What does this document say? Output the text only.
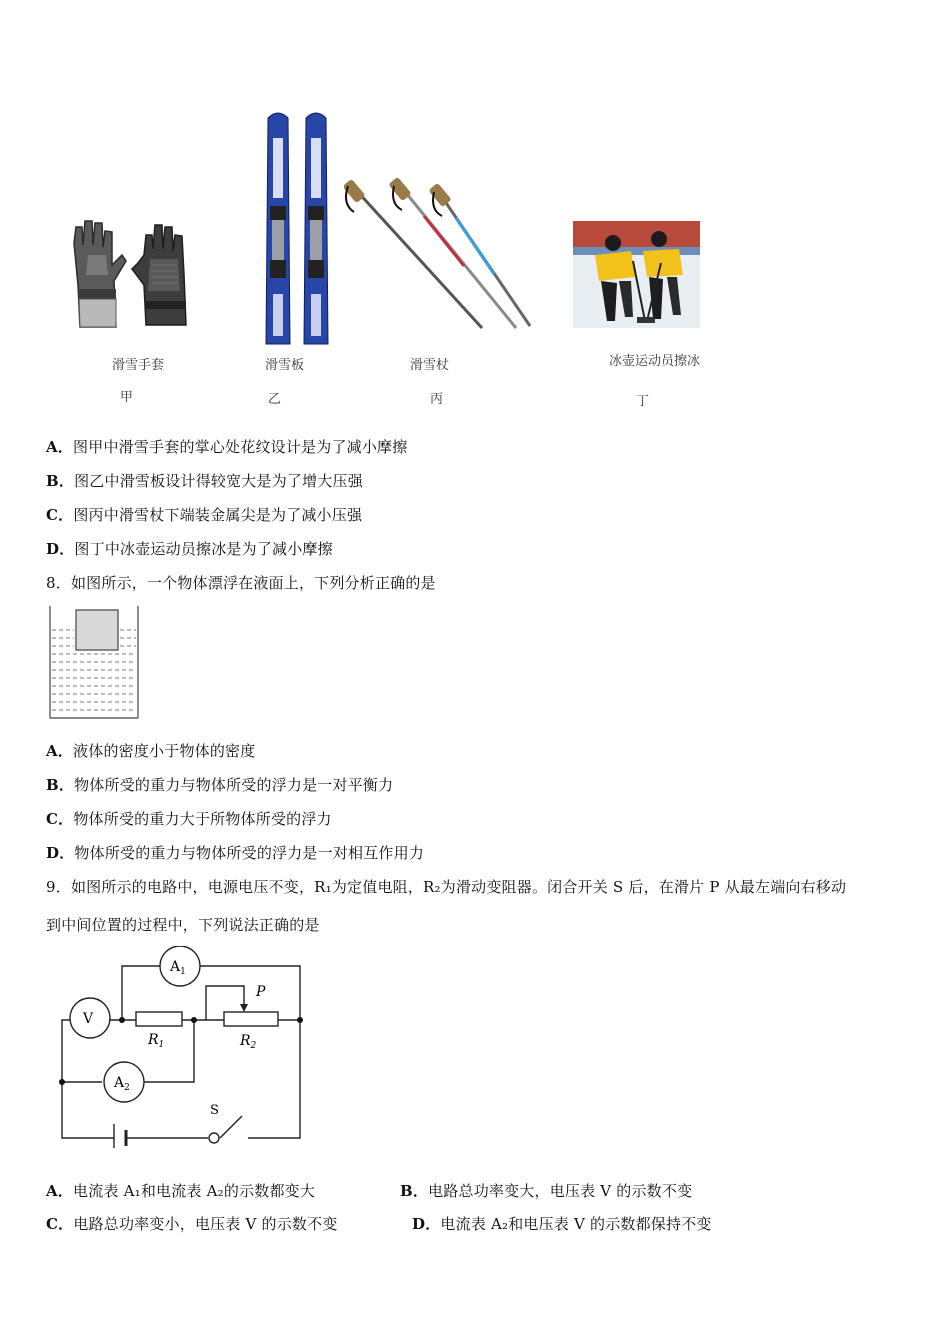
滑雪手套	滑雪板	滑雪杖	冰壶运动员擦冰
甲	乙	丙	丁
A．图甲中滑雪手套的掌心处花纹设计是为了减小摩擦
B．图乙中滑雪板设计得较宽大是为了增大压强
C．图丙中滑雪杖下端装金属尖是为了减小压强
D．图丁中冰壶运动员擦冰是为了减小摩擦
8．如图所示，一个物体漂浮在液面上，下列分析正确的是
A．液体的密度小于物体的密度
B．物体所受的重力与物体所受的浮力是一对平衡力
C．物体所受的重力大于所物体所受的浮力
D．物体所受的重力与物体所受的浮力是一对相互作用力
9．如图所示的电路中，电源电压不变，R₁为定值电阻，R₂为滑动变阻器。闭合开关 S 后，在滑片 P 从最左端向右移动
到中间位置的过程中，下列说法正确的是
$A_1$
V
$A_2$
$R_1$	$R_2$
P
S
A．电流表 A₁和电流表 A₂的示数都变大	B．电路总功率变大，电压表 V 的示数不变
C．电路总功率变小，电压表 V 的示数不变	D．电流表 A₂和电压表 V 的示数都保持不变
